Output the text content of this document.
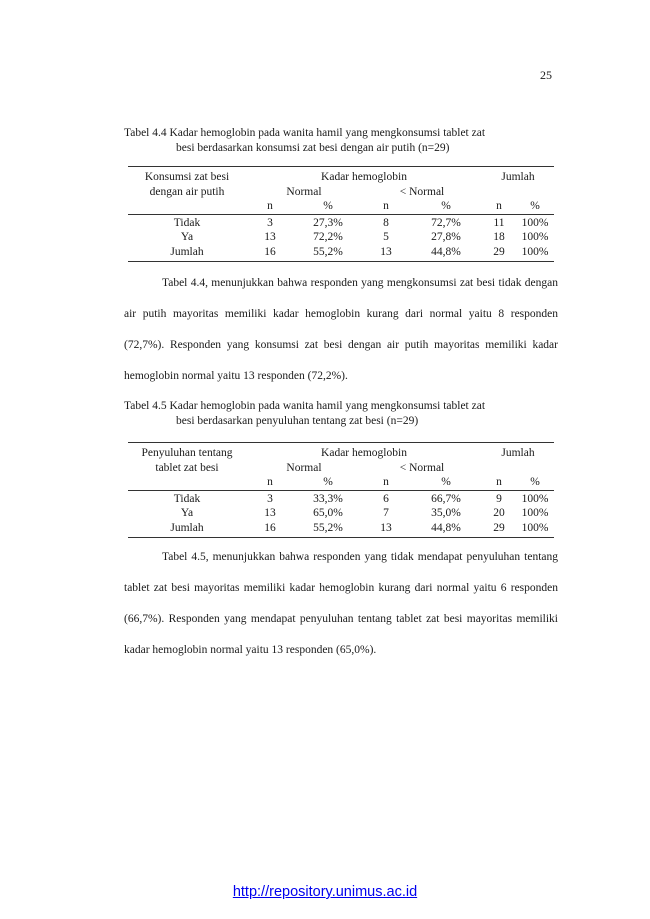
25
Tabel 4.4 Kadar hemoglobin pada wanita hamil yang mengkonsumsi tablet zat
besi berdasarkan konsumsi zat besi dengan air putih (n=29)
Konsumsi zat besi	Kadar hemoglobin				Jumlah	
dengan air putih	Normal		< Normal			
	n	%	n	%	n	%
Tidak	3	27,3%	8	72,7%	11	100%
Ya	13	72,2%	5	27,8%	18	100%
Jumlah	16	55,2%	13	44,8%	29	100%

Tabel 4.4, menunjukkan bahwa responden yang mengkonsumsi zat besi tidak dengan air putih mayoritas memiliki kadar hemoglobin kurang dari normal yaitu 8 responden (72,7%). Responden yang konsumsi zat besi dengan air putih mayoritas memiliki kadar hemoglobin normal yaitu 13 responden (72,2%).

Tabel 4.5 Kadar hemoglobin pada wanita hamil yang mengkonsumsi tablet zat
besi berdasarkan penyuluhan tentang zat besi (n=29)
Penyuluhan tentang	Kadar hemoglobin				Jumlah	
tablet zat besi	Normal		< Normal			
	n	%	n	%	n	%
Tidak	3	33,3%	6	66,7%	9	100%
Ya	13	65,0%	7	35,0%	20	100%
Jumlah	16	55,2%	13	44,8%	29	100%

Tabel 4.5, menunjukkan bahwa responden yang tidak mendapat penyuluhan tentang tablet zat besi mayoritas memiliki kadar hemoglobin kurang dari normal yaitu 6 responden (66,7%). Responden yang mendapat penyuluhan tentang tablet zat besi mayoritas memiliki kadar hemoglobin normal yaitu 13 responden (65,0%).

http://repository.unimus.ac.id
